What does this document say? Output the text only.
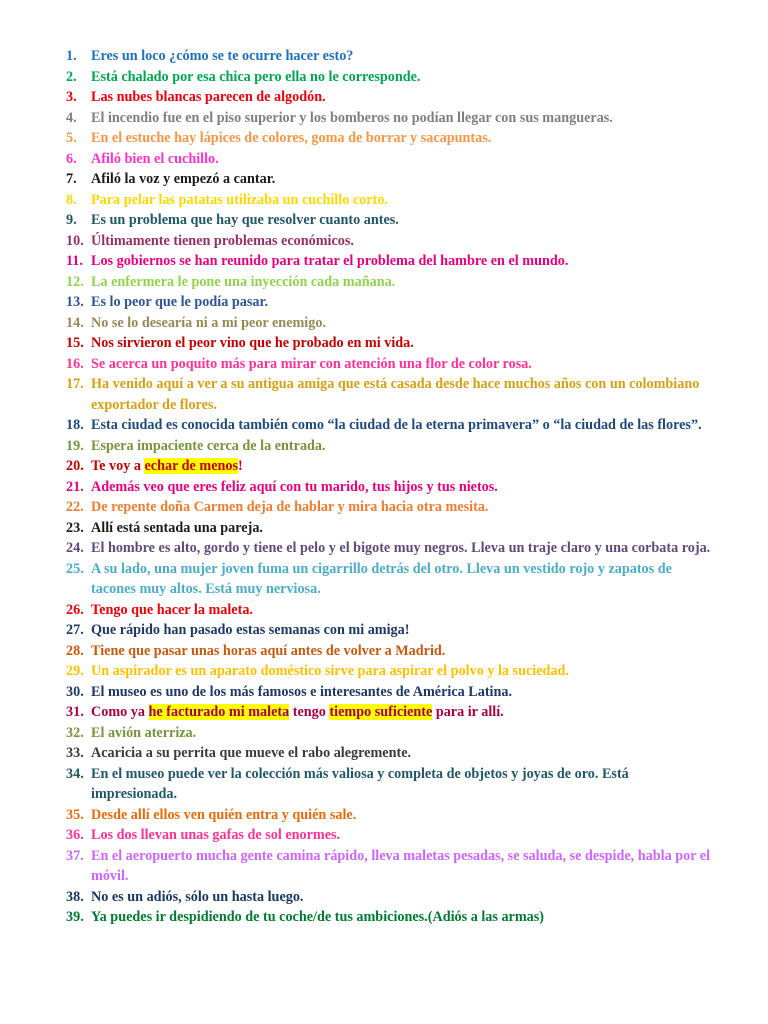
1. Eres un loco ¿cómo se te ocurre hacer esto?
2. Está chalado por esa chica pero ella no le corresponde.
3. Las nubes blancas parecen de algodón.
4. El incendio fue en el piso superior y los bomberos no podían llegar con sus mangueras.
5. En el estuche hay lápices de colores, goma de borrar y sacapuntas.
6. Afiló bien el cuchillo.
7. Afiló la voz y empezó a cantar.
8. Para pelar las patatas utilizaba un cuchillo corto.
9. Es un problema que hay que resolver cuanto antes.
10. Últimamente tienen problemas económicos.
11. Los gobiernos se han reunido para tratar el problema del hambre en el mundo.
12. La enfermera le pone una inyección cada mañana.
13. Es lo peor que le podía pasar.
14. No se lo desearía ni a mi peor enemigo.
15. Nos sirvieron el peor vino que he probado en mi vida.
16. Se acerca un poquito más para mirar con atención una flor de color rosa.
17. Ha venido aquí a ver a su antigua amiga que está casada desde hace muchos años con un colombiano exportador de flores.
18. Esta ciudad es conocida también como “la ciudad de la eterna primavera” o “la ciudad de las flores”.
19. Espera impaciente cerca de la entrada.
20. Te voy a echar de menos!
21. Además veo que eres feliz aquí con tu marido, tus hijos y tus nietos.
22. De repente doña Carmen deja de hablar y mira hacia otra mesita.
23. Allí está sentada una pareja.
24. El hombre es alto, gordo y tiene el pelo y el bigote muy negros. Lleva un traje claro y una corbata roja.
25. A su lado, una mujer joven fuma un cigarrillo detrás del otro. Lleva un vestido rojo y zapatos de tacones muy altos. Está muy nerviosa.
26. Tengo que hacer la maleta.
27. Que rápido han pasado estas semanas con mi amiga!
28. Tiene que pasar unas horas aquí antes de volver a Madrid.
29. Un aspirador es un aparato doméstico sirve para aspirar el polvo y la suciedad.
30. El museo es uno de los más famosos e interesantes de América Latina.
31. Como ya he facturado mi maleta tengo tiempo suficiente para ir allí.
32. El avión aterriza.
33. Acaricia a su perrita que mueve el rabo alegremente.
34. En el museo puede ver la colección más valiosa y completa de objetos y joyas de oro. Está impresionada.
35. Desde allí ellos ven quién entra y quién sale.
36. Los dos llevan unas gafas de sol enormes.
37. En el aeropuerto mucha gente camina rápido, lleva maletas pesadas, se saluda, se despide, habla por el móvil.
38. No es un adiós, sólo un hasta luego.
39. Ya puedes ir despidiendo de tu coche/de tus ambiciones.(Adiós a las armas)
